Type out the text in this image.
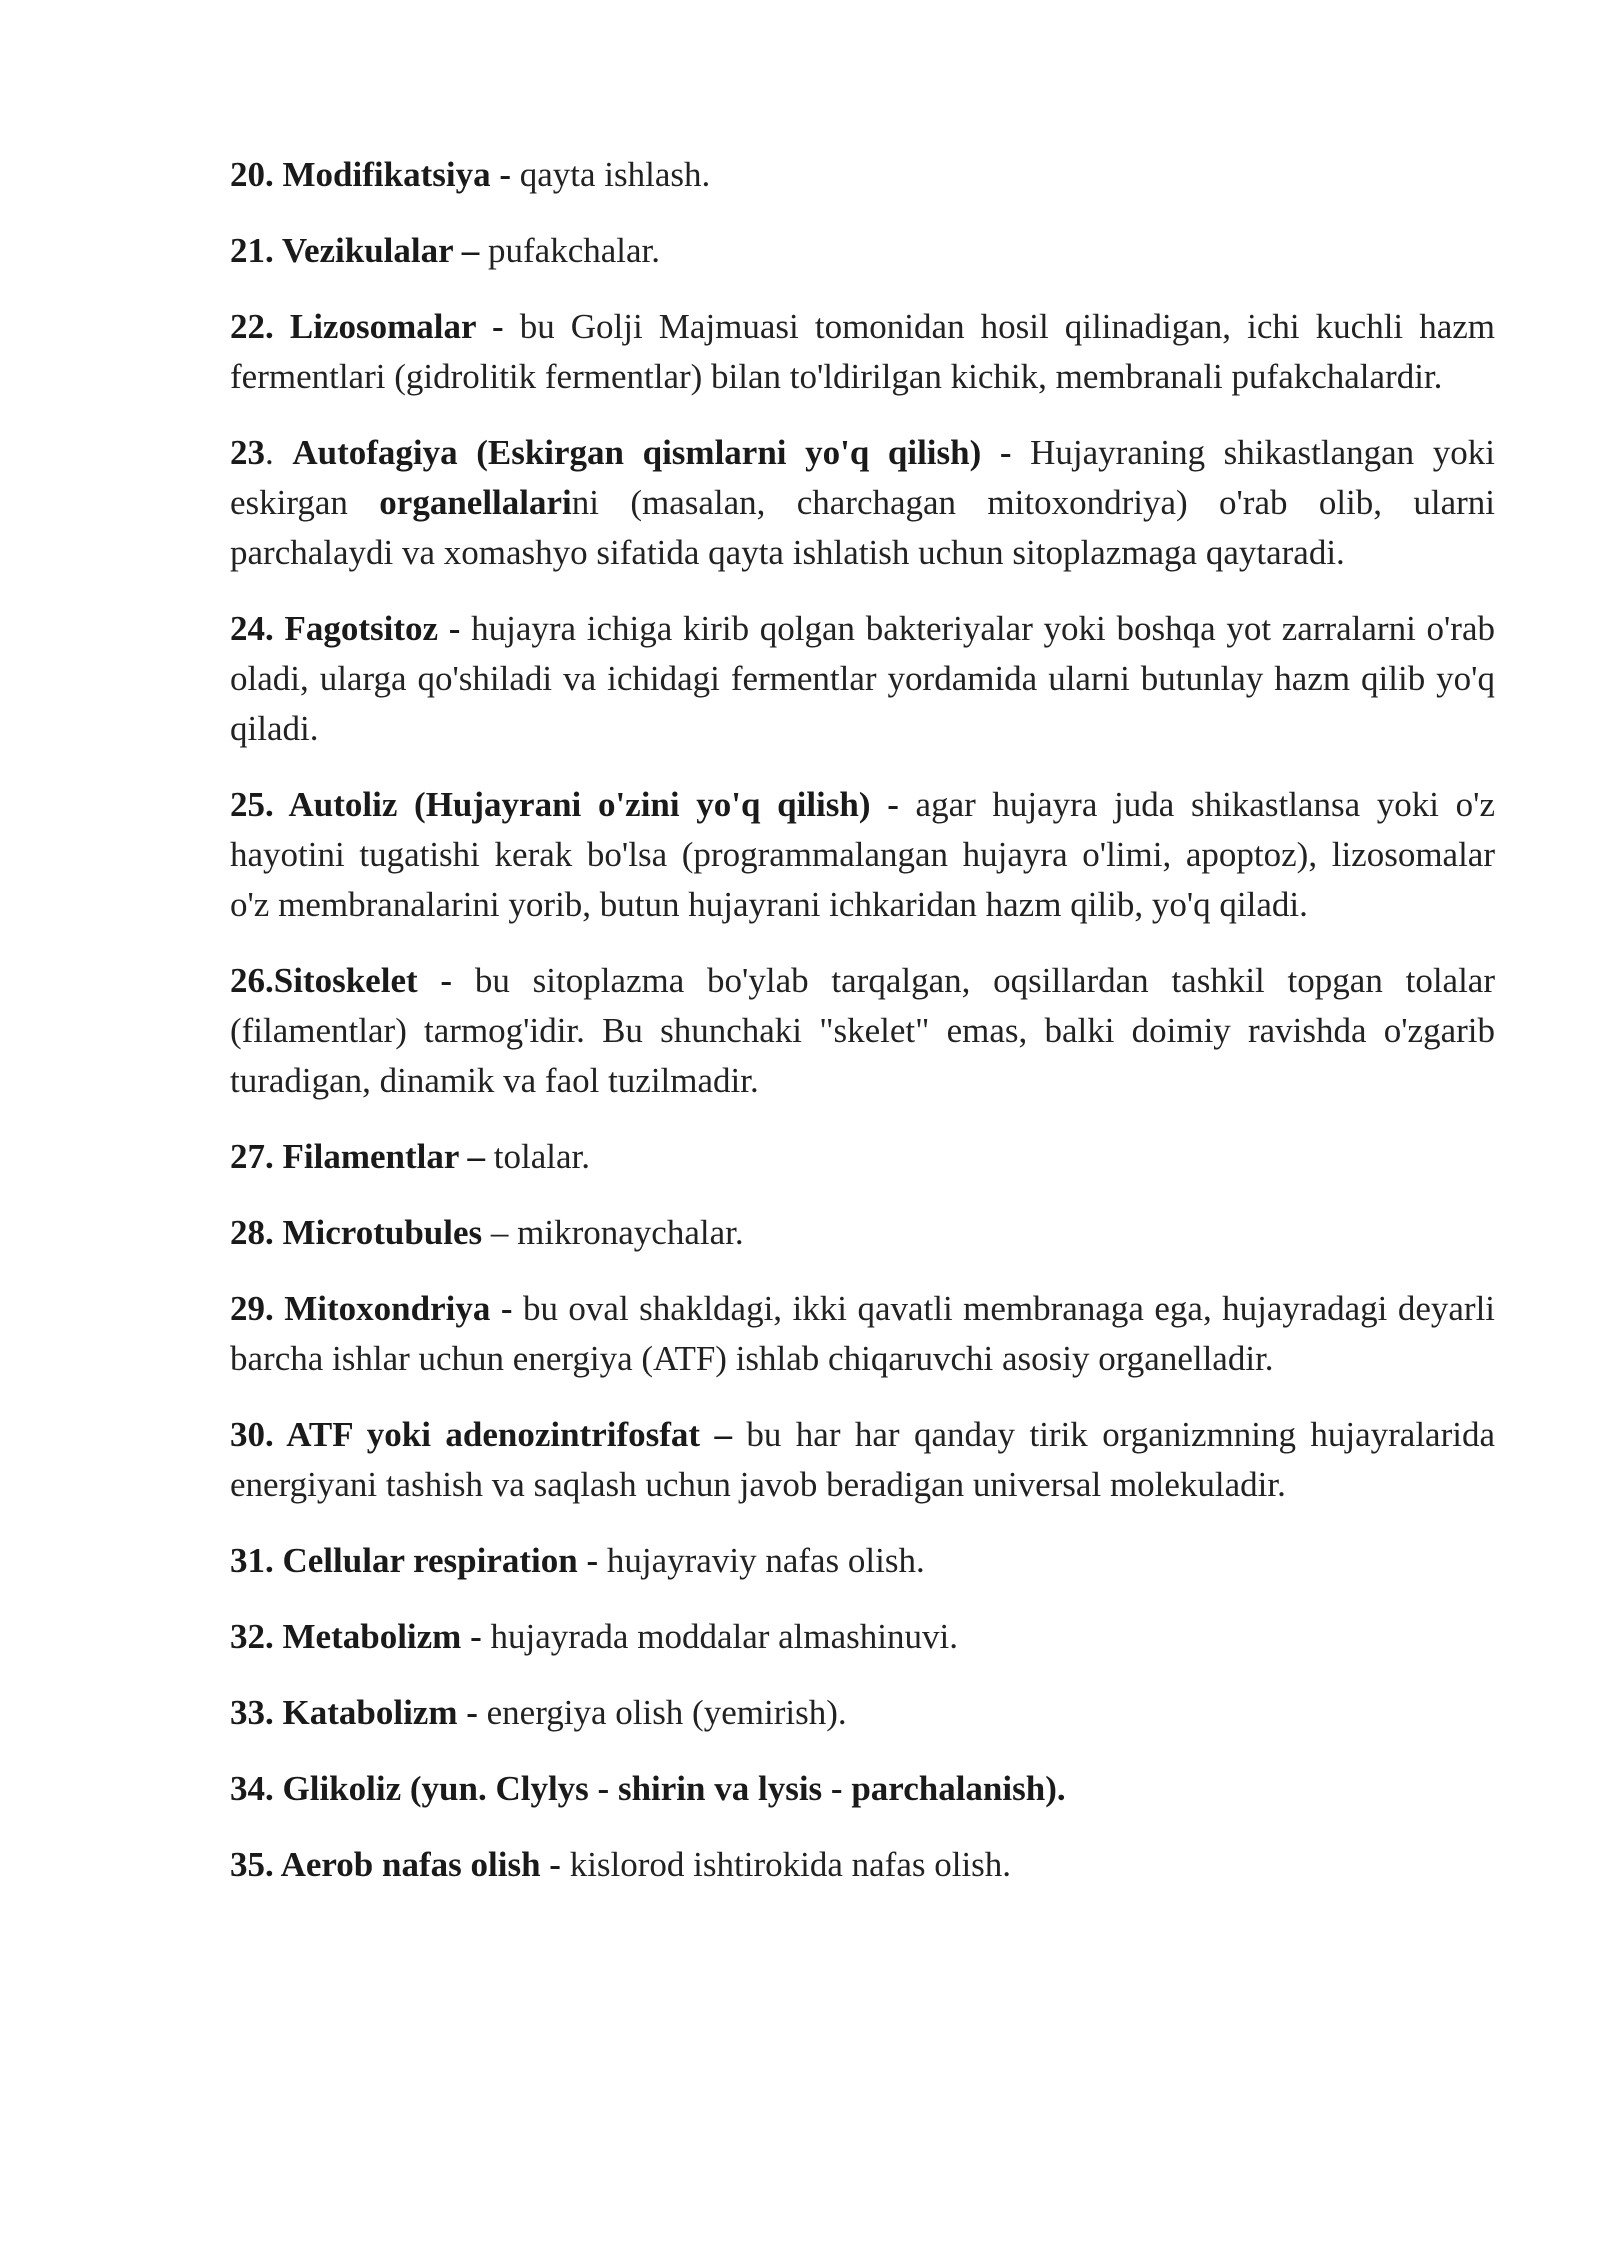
20. Modifikatsiya - qayta ishlash.

21. Vezikulalar – pufakchalar.

22. Lizosomalar - bu Golji Majmuasi tomonidan hosil qilinadigan, ichi kuchli hazm fermentlari (gidrolitik fermentlar) bilan to'ldirilgan kichik, membranali pufakchalardir.

23. Autofagiya (Eskirgan qismlarni yo'q qilish) - Hujayraning shikastlangan yoki eskirgan organellalarini (masalan, charchagan mitoxondriya) o'rab olib, ularni parchalaydi va xomashyo sifatida qayta ishlatish uchun sitoplazmaga qaytaradi.

24. Fagotsitoz - hujayra ichiga kirib qolgan bakteriyalar yoki boshqa yot zarralarni o'rab oladi, ularga qo'shiladi va ichidagi fermentlar yordamida ularni butunlay hazm qilib yo'q qiladi.

25. Autoliz (Hujayrani o'zini yo'q qilish) - agar hujayra juda shikastlansa yoki o'z hayotini tugatishi kerak bo'lsa (programmalangan hujayra o'limi, apoptoz), lizosomalar o'z membranalarini yorib, butun hujayrani ichkaridan hazm qilib, yo'q qiladi.

26.Sitoskelet - bu sitoplazma bo'ylab tarqalgan, oqsillardan tashkil topgan tolalar (filamentlar) tarmog'idir. Bu shunchaki "skelet" emas, balki doimiy ravishda o'zgarib turadigan, dinamik va faol tuzilmadir.

27. Filamentlar – tolalar.

28. Microtubules – mikronaychalar.

29. Mitoxondriya - bu oval shakldagi, ikki qavatli membranaga ega, hujayradagi deyarli barcha ishlar uchun energiya (ATF) ishlab chiqaruvchi asosiy organelladir.

30. ATF yoki adenozintrifosfat – bu har har qanday tirik organizmning hujayralarida energiyani tashish va saqlash uchun javob beradigan universal molekuladir.

31. Cellular respiration - hujayraviy nafas olish.

32. Metabolizm - hujayrada moddalar almashinuvi.

33. Katabolizm - energiya olish (yemirish).

34. Glikoliz (yun. Clylys - shirin va lysis - parchalanish).

35. Aerob nafas olish - kislorod ishtirokida nafas olish.
